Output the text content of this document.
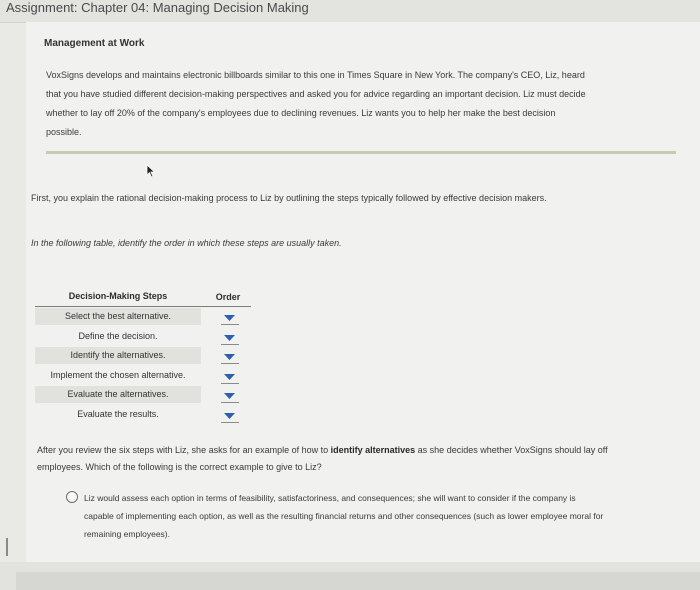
Assignment: Chapter 04: Managing Decision Making
Management at Work
VoxSigns develops and maintains electronic billboards similar to this one in Times Square in New York. The company's CEO, Liz, heard
that you have studied different decision-making perspectives and asked you for advice regarding an important decision. Liz must decide
whether to lay off 20% of the company's employees due to declining revenues. Liz wants you to help her make the best decision
possible.
First, you explain the rational decision-making process to Liz by outlining the steps typically followed by effective decision makers.
In the following table, identify the order in which these steps are usually taken.
Decision-Making Steps	Order
Select the best alternative.
Define the decision.
Identify the alternatives.
Implement the chosen alternative.
Evaluate the alternatives.
Evaluate the results.
After you review the six steps with Liz, she asks for an example of how to identify alternatives as she decides whether VoxSigns should lay off
employees. Which of the following is the correct example to give to Liz?
Liz would assess each option in terms of feasibility, satisfactoriness, and consequences; she will want to consider if the company is
capable of implementing each option, as well as the resulting financial returns and other consequences (such as lower employee moral for
remaining employees).
